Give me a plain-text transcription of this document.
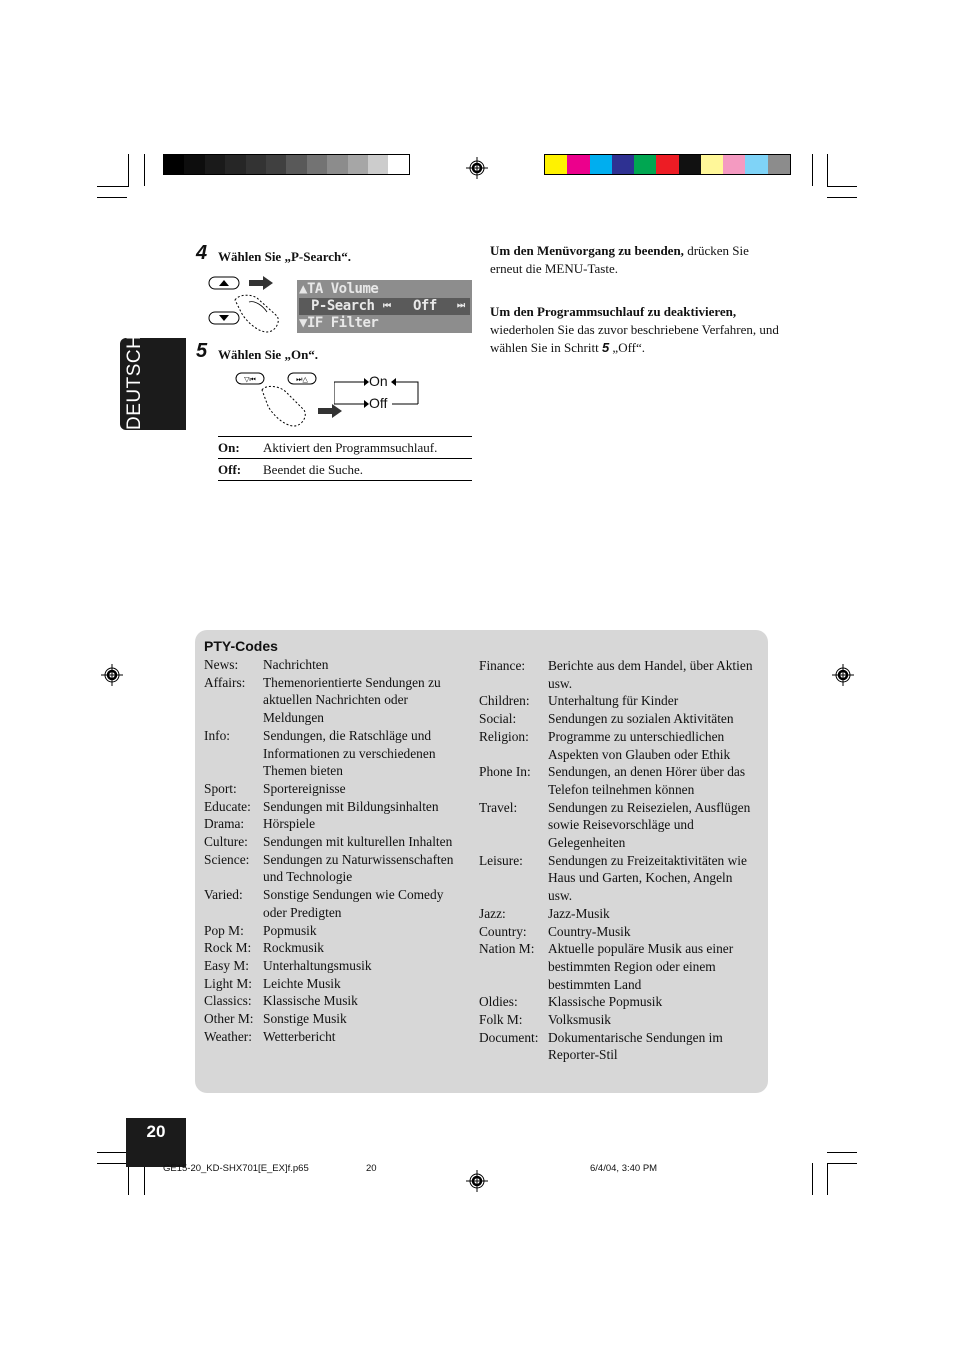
DEUTSCH
4 Wählen Sie „P-Search“.
▲TA Volume
P-Search ⏮ Off ⏭
▼IF Filter
5 Wählen Sie „On“.
▽⏮	⏭△	On
Off
On:	Aktiviert den Programmsuchlauf.
Off:	Beendet die Suche.
Um den Menüvorgang zu beenden, drücken Sie erneut die MENU-Taste.
Um den Programmsuchlauf zu deaktivieren, wiederholen Sie das zuvor beschriebene Verfahren, und wählen Sie in Schritt 5 „Off“.
PTY-Codes
News:	Nachrichten
Affairs:	Themenorientierte Sendungen zu aktuellen Nachrichten oder Meldungen
Info:	Sendungen, die Ratschläge und Informationen zu verschiedenen Themen bieten
Sport:	Sportereignisse
Educate: Sendungen mit Bildungsinhalten
Drama:	Hörspiele
Culture:	Sendungen mit kulturellen Inhalten
Science:	Sendungen zu Naturwissenschaften und Technologie
Varied:	Sonstige Sendungen wie Comedy oder Predigten
Pop M:	Popmusik
Rock M: Rockmusik
Easy M:	Unterhaltungsmusik
Light M: Leichte Musik
Classics: Klassische Musik
Other M: Sonstige Musik
Weather: Wetterbericht
Finance:	Berichte aus dem Handel, über Aktien usw.
Children:	Unterhaltung für Kinder
Social:	Sendungen zu sozialen Aktivitäten
Religion:	Programme zu unterschiedlichen Aspekten von Glauben oder Ethik
Phone In:	Sendungen, an denen Hörer über das Telefon teilnehmen können
Travel:	Sendungen zu Reisezielen, Ausflügen sowie Reisevorschläge und Gelegenheiten
Leisure:	Sendungen zu Freizeitaktivitäten wie Haus und Garten, Kochen, Angeln usw.
Jazz:	Jazz-Musik
Country:	Country-Musik
Nation M:	Aktuelle populäre Musik aus einer bestimmten Region oder einem bestimmten Land
Oldies:	Klassische Popmusik
Folk M:	Volksmusik
Document: Dokumentarische Sendungen im Reporter-Stil
20
GE15-20_KD-SHX701[E_EX]f.p65	20	6/4/04, 3:40 PM
